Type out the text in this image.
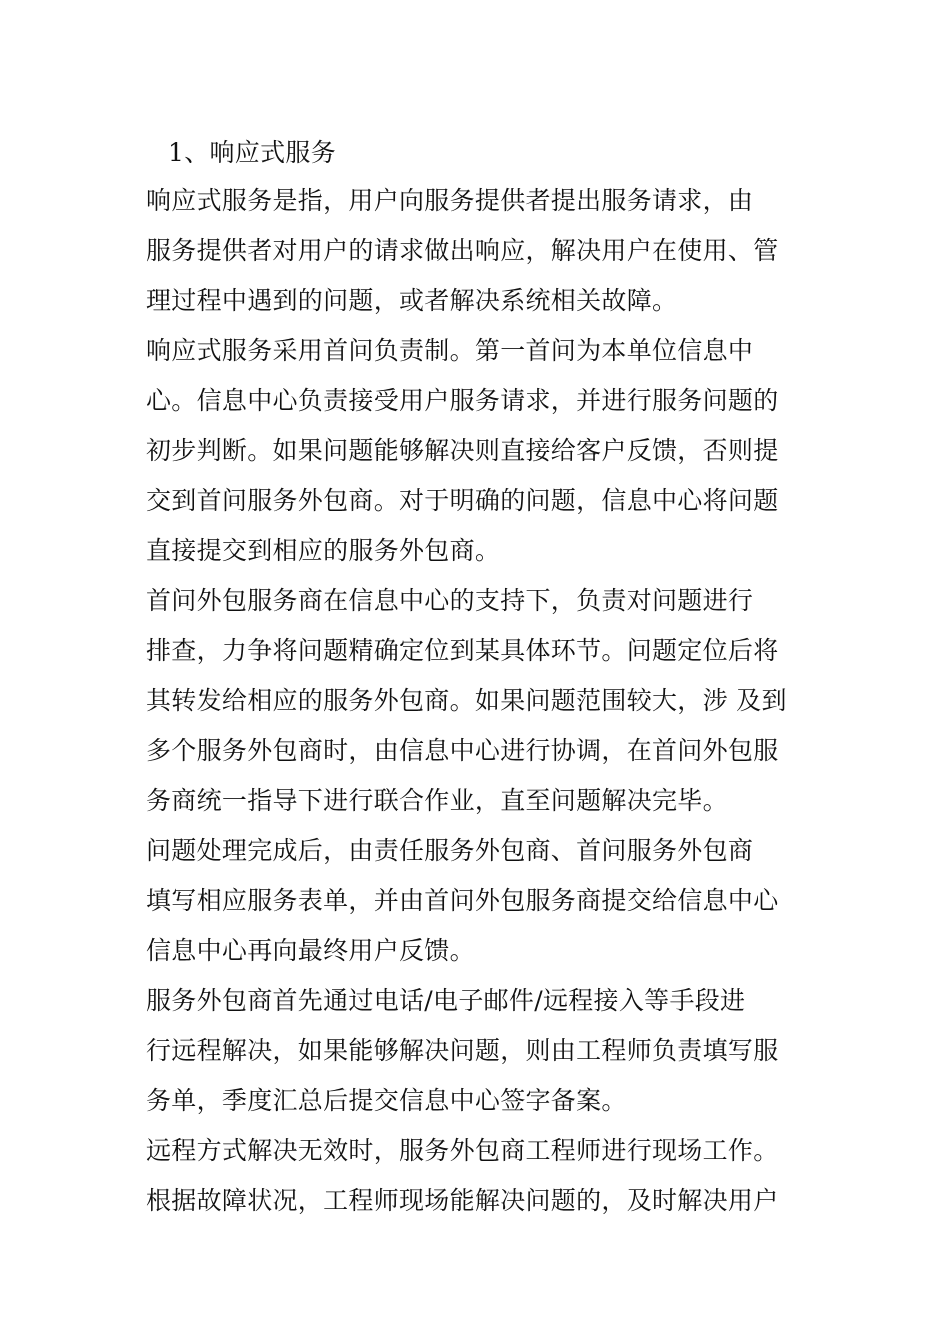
1、响应式服务
响应式服务是指，用户向服务提供者提出服务请求，由
服务提供者对用户的请求做出响应，解决用户在使用、管
理过程中遇到的问题，或者解决系统相关故障。
响应式服务采用首问负责制。第一首问为本单位信息中
心。信息中心负责接受用户服务请求，并进行服务问题的
初步判断。如果问题能够解决则直接给客户反馈，否则提
交到首问服务外包商。对于明确的问题，信息中心将问题
直接提交到相应的服务外包商。
首问外包服务商在信息中心的支持下，负责对问题进行
排查，力争将问题精确定位到某具体环节。问题定位后将
其转发给相应的服务外包商。如果问题范围较大，涉 及到
多个服务外包商时，由信息中心进行协调，在首问外包服
务商统一指导下进行联合作业，直至问题解决完毕。
问题处理完成后，由责任服务外包商、首问服务外包商
填写相应服务表单，并由首问外包服务商提交给信息中心
信息中心再向最终用户反馈。
服务外包商首先通过电话/电子邮件/远程接入等手段进
行远程解决，如果能够解决问题，则由工程师负责填写服
务单，季度汇总后提交信息中心签字备案。
远程方式解决无效时，服务外包商工程师进行现场工作。
根据故障状况，工程师现场能解决问题的，及时解决用户
